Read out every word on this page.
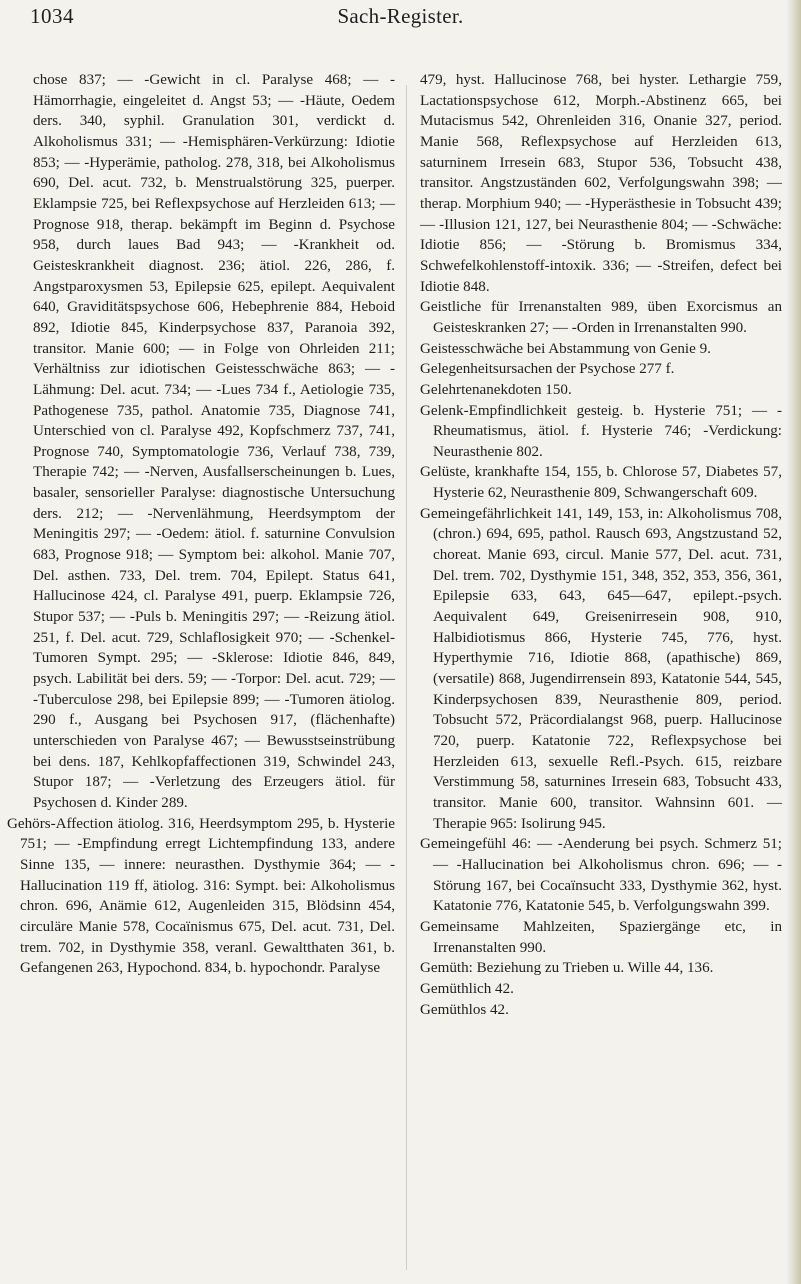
1034	Sach-Register.

chose 837; — -Gewicht in cl. Paralyse 468; — -Hämorrhagie, eingeleitet d. Angst 53; — -Häute, Oedem ders. 340, syphil. Granulation 301, verdickt d. Alkoholismus 331; — -Hemisphären-Verkürzung: Idiotie 853; — -Hyperämie, patholog. 278, 318, bei Alkoholismus 690, Del. acut. 732, b. Menstrualstörung 325, puerper. Eklampsie 725, bei Reflexpsychose auf Herzleiden 613; — Prognose 918, therap. bekämpft im Beginn d. Psychose 958, durch laues Bad 943; — -Krankheit od. Geisteskrankheit diagnost. 236; ätiol. 226, 286, f. Angstparoxysmen 53, Epilepsie 625, epilept. Aequivalent 640, Graviditätspsychose 606, Hebephrenie 884, Heboid 892, Idiotie 845, Kinderpsychose 837, Paranoia 392, transitor. Manie 600; — in Folge von Ohrleiden 211; Verhältniss zur idiotischen Geistesschwäche 863; — -Lähmung: Del. acut. 734; — -Lues 734 f., Aetiologie 735, Pathogenese 735, pathol. Anatomie 735, Diagnose 741, Unterschied von cl. Paralyse 492, Kopfschmerz 737, 741, Prognose 740, Symptomatologie 736, Verlauf 738, 739, Therapie 742; — -Nerven, Ausfallserscheinungen b. Lues, basaler, sensorieller Paralyse: diagnostische Untersuchung ders. 212; — -Nervenlähmung, Heerdsymptom der Meningitis 297; — -Oedem: ätiol. f. saturnine Convulsion 683, Prognose 918; — Symptom bei: alkohol. Manie 707, Del. asthen. 733, Del. trem. 704, Epilept. Status 641, Hallucinose 424, cl. Paralyse 491, puerp. Eklampsie 726, Stupor 537; — -Puls b. Meningitis 297; — -Reizung ätiol. 251, f. Del. acut. 729, Schlaflosigkeit 970; — -Schenkel-Tumoren Sympt. 295; — -Sklerose: Idiotie 846, 849, psych. Labilität bei ders. 59; — -Torpor: Del. acut. 729; — -Tuberculose 298, bei Epilepsie 899; — -Tumoren ätiolog. 290 f., Ausgang bei Psychosen 917, (flächenhafte) unterschieden von Paralyse 467; — Bewusstseinstrübung bei dens. 187, Kehlkopfaffectionen 319, Schwindel 243, Stupor 187; — -Verletzung des Erzeugers ätiol. für Psychosen d. Kinder 289.

Gehörs-Affection ätiolog. 316, Heerdsymptom 295, b. Hysterie 751; — -Empfindung erregt Lichtempfindung 133, andere Sinne 135, — innere: neurasthen. Dysthymie 364; — -Hallucination 119 ff, ätiolog. 316: Sympt. bei: Alkoholismus chron. 696, Anämie 612, Augenleiden 315, Blödsinn 454, circuläre Manie 578, Cocaïnismus 675, Del. acut. 731, Del. trem. 702, in Dysthymie 358, veranl. Gewaltthaten 361, b. Gefangenen 263, Hypochond. 834, b. hypochondr. Paralyse

479, hyst. Hallucinose 768, bei hyster. Lethargie 759, Lactationspsychose 612, Morph.-Abstinenz 665, bei Mutacismus 542, Ohrenleiden 316, Onanie 327, period. Manie 568, Reflexpsychose auf Herzleiden 613, saturninem Irresein 683, Stupor 536, Tobsucht 438, transitor. Angstzuständen 602, Verfolgungswahn 398; — therap. Morphium 940; — -Hyperästhesie in Tobsucht 439; — -Illusion 121, 127, bei Neurasthenie 804; — -Schwäche: Idiotie 856; — -Störung b. Bromismus 334, Schwefelkohlenstoff-intoxik. 336; — -Streifen, defect bei Idiotie 848.

Geistliche für Irrenanstalten 989, üben Exorcismus an Geisteskranken 27; — -Orden in Irrenanstalten 990.

Geistesschwäche bei Abstammung von Genie 9.

Gelegenheitsursachen der Psychose 277 f.

Gelehrtenanekdoten 150.

Gelenk-Empfindlichkeit gesteig. b. Hysterie 751; — -Rheumatismus, ätiol. f. Hysterie 746; -Verdickung: Neurasthenie 802.

Gelüste, krankhafte 154, 155, b. Chlorose 57, Diabetes 57, Hysterie 62, Neurasthenie 809, Schwangerschaft 609.

Gemeingefährlichkeit 141, 149, 153, in: Alkoholismus 708, (chron.) 694, 695, pathol. Rausch 693, Angstzustand 52, choreat. Manie 693, circul. Manie 577, Del. acut. 731, Del. trem. 702, Dysthymie 151, 348, 352, 353, 356, 361, Epilepsie 633, 643, 645—647, epilept.-psych. Aequivalent 649, Greisenirresein 908, 910, Halbidiotismus 866, Hysterie 745, 776, hyst. Hyperthymie 716, Idiotie 868, (apathische) 869, (versatile) 868, Jugendirrensein 893, Katatonie 544, 545, Kinderpsychosen 839, Neurasthenie 809, period. Tobsucht 572, Präcordialangst 968, puerp. Hallucinose 720, puerp. Katatonie 722, Reflexpsychose bei Herzleiden 613, sexuelle Refl.-Psych. 615, reizbare Verstimmung 58, saturnines Irresein 683, Tobsucht 433, transitor. Manie 600, transitor. Wahnsinn 601. — Therapie 965: Isolirung 945.

Gemeingefühl 46: — -Aenderung bei psych. Schmerz 51; — -Hallucination bei Alkoholismus chron. 696; — -Störung 167, bei Cocaïnsucht 333, Dysthymie 362, hyst. Katatonie 776, Katatonie 545, b. Verfolgungswahn 399.

Gemeinsame Mahlzeiten, Spaziergänge etc, in Irrenanstalten 990.

Gemüth: Beziehung zu Trieben u. Wille 44, 136.

Gemüthlich 42.

Gemüthlos 42.
